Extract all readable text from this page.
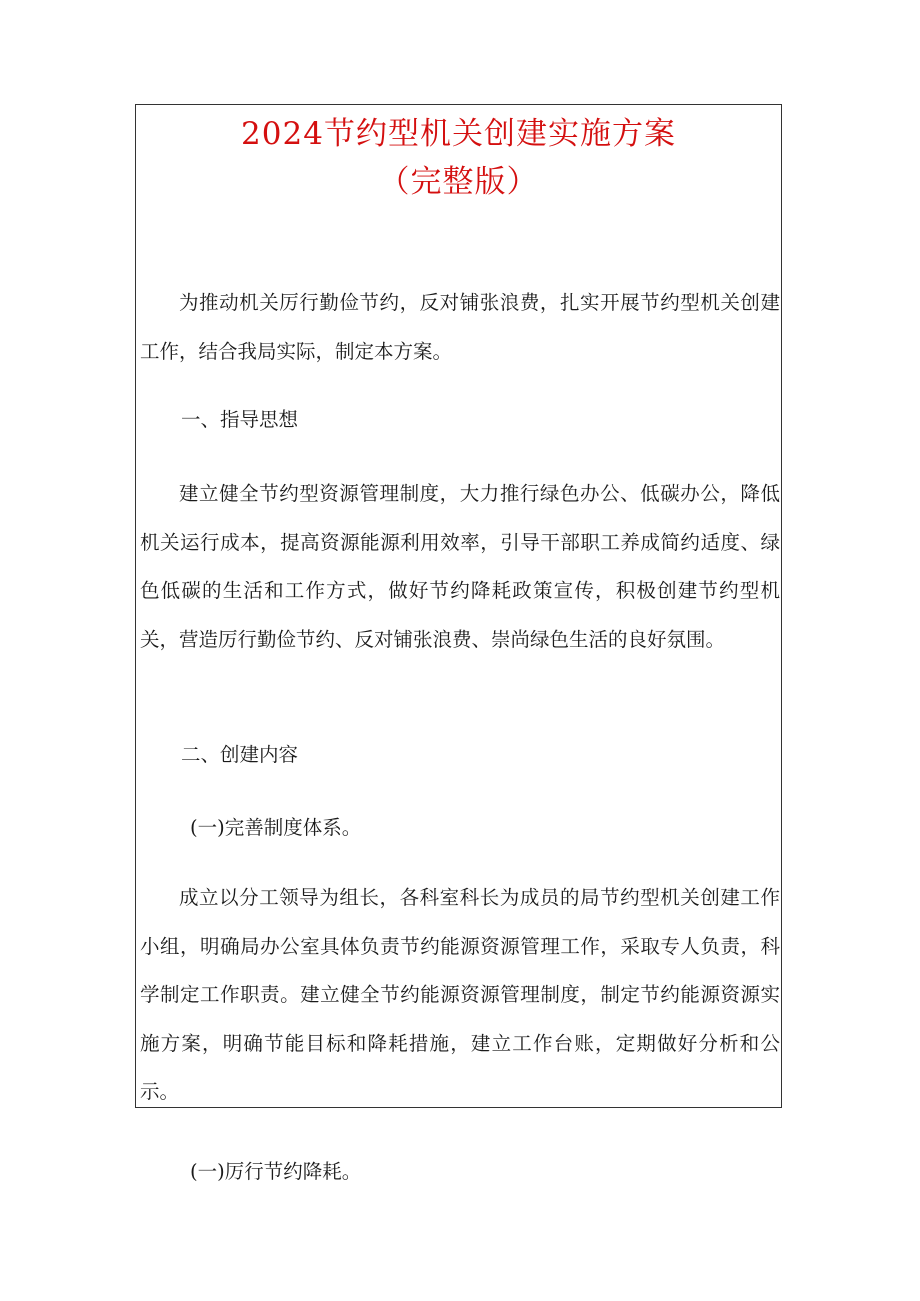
2024节约型机关创建实施方案
（完整版）

为推动机关厉行勤俭节约，反对铺张浪费，扎实开展节约型机关创建工作，结合我局实际，制定本方案。

一、指导思想

建立健全节约型资源管理制度，大力推行绿色办公、低碳办公，降低机关运行成本，提高资源能源利用效率，引导干部职工养成简约适度、绿色低碳的生活和工作方式，做好节约降耗政策宣传，积极创建节约型机关，营造厉行勤俭节约、反对铺张浪费、崇尚绿色生活的良好氛围。

二、创建内容

(一)完善制度体系。

成立以分工领导为组长，各科室科长为成员的局节约型机关创建工作小组，明确局办公室具体负责节约能源资源管理工作，采取专人负责，科学制定工作职责。建立健全节约能源资源管理制度，制定节约能源资源实施方案，明确节能目标和降耗措施，建立工作台账，定期做好分析和公示。

(一)厉行节约降耗。
